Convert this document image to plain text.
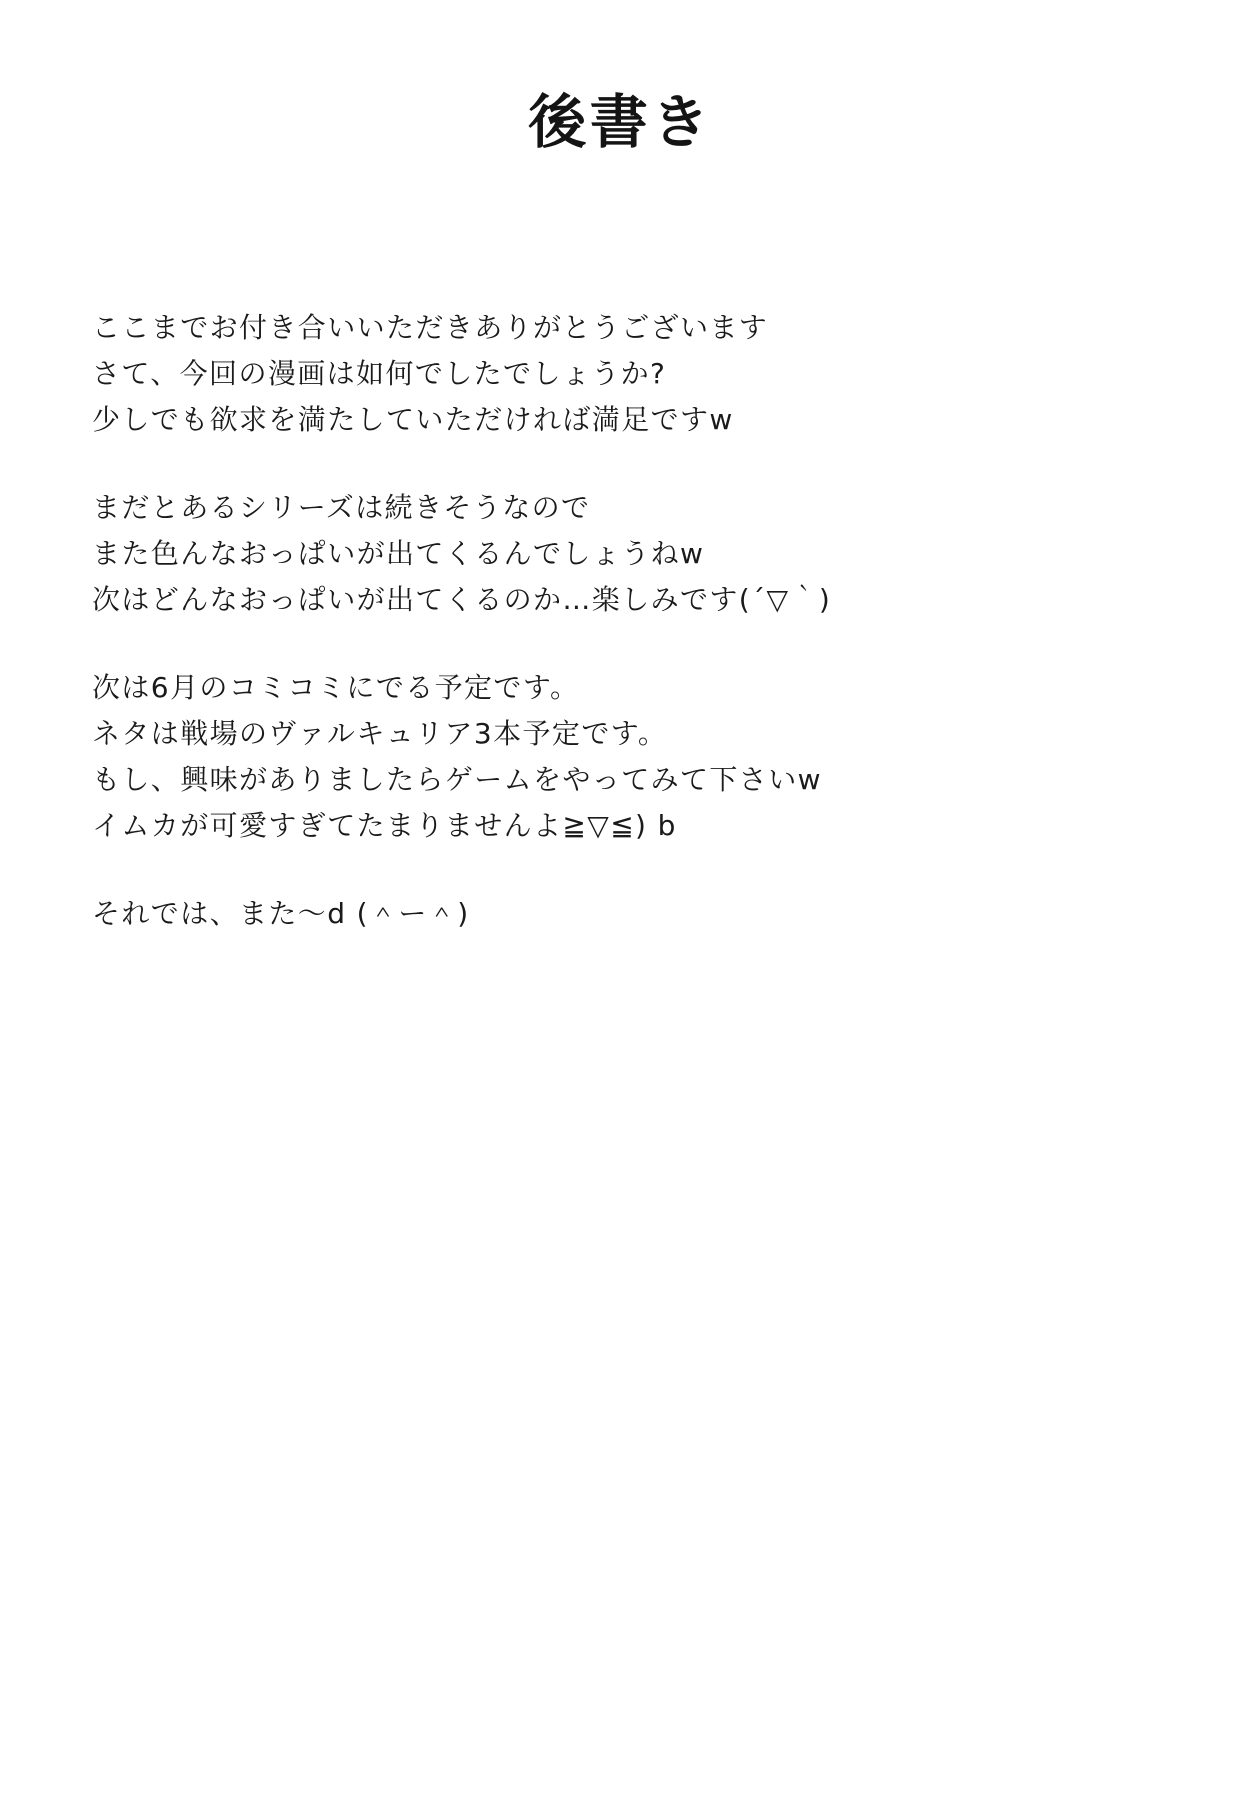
後書き
ここまでお付き合いいただきありがとうございます
さて、今回の漫画は如何でしたでしょうか?
少しでも欲求を満たしていただければ満足ですw
まだとあるシリーズは続きそうなので
また色んなおっぱいが出てくるんでしょうねw
次はどんなおっぱいが出てくるのか…楽しみです(´▽｀)
次は6月のコミコミにでる予定です。
ネタは戦場のヴァルキュリア3本予定です。
もし、興味がありましたらゲームをやってみて下さいw
イムカが可愛すぎてたまりませんよ≧▽≦) b
それでは、また～d (＾ー＾)
